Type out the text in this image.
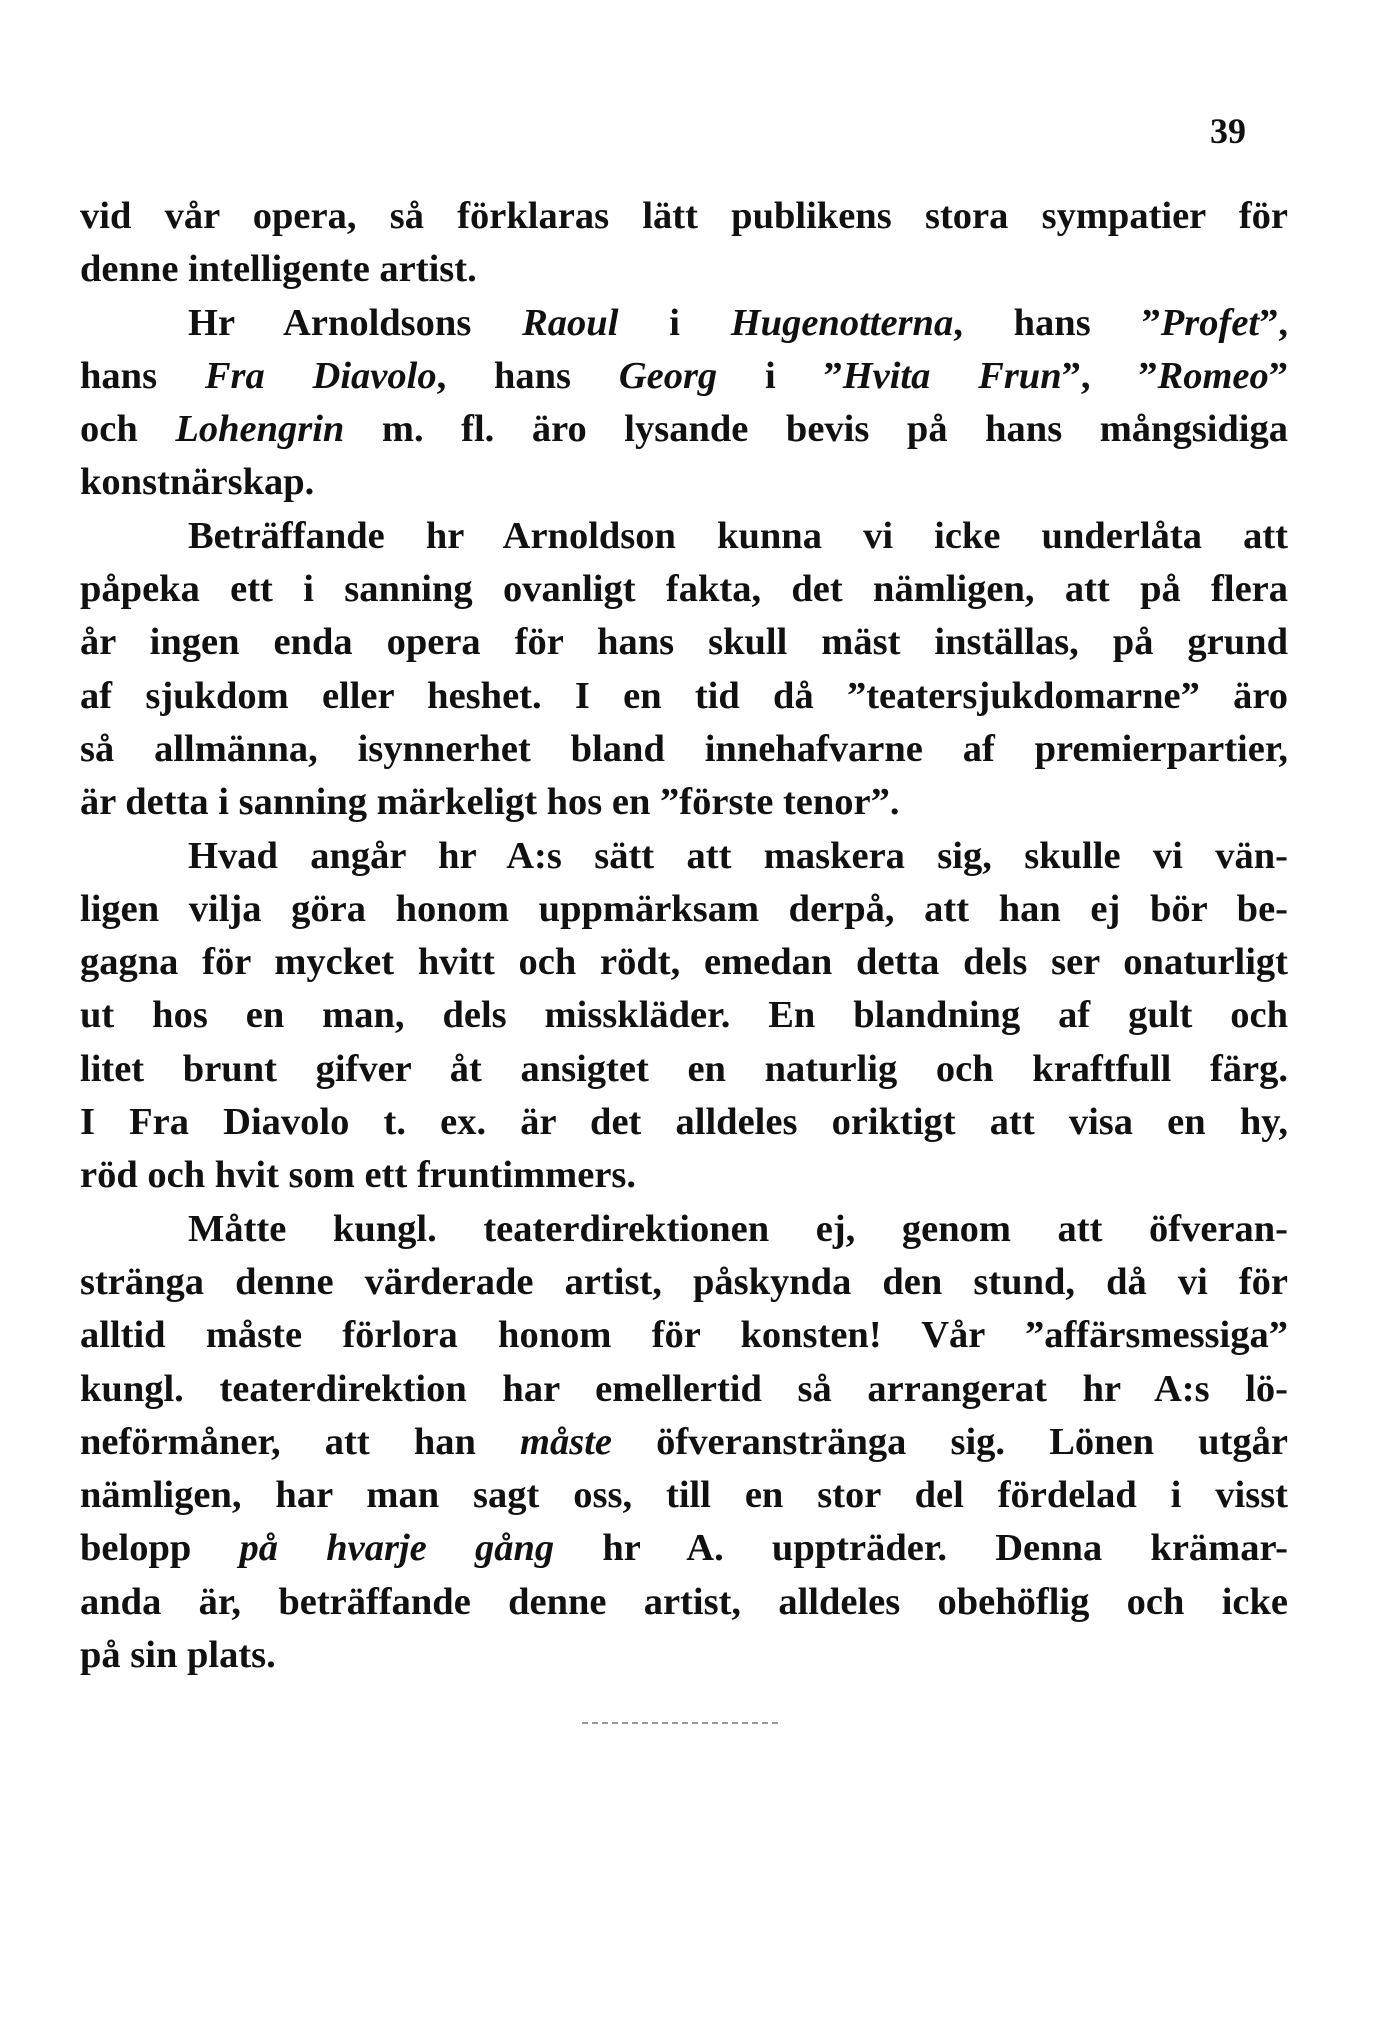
39
vid vår opera, så förklaras lätt publikens stora sympatier för
denne intelligente artist.
Hr Arnoldsons Raoul i Hugenotterna, hans ”Profet”,
hans Fra Diavolo, hans Georg i ”Hvita Frun”, ”Romeo”
och Lohengrin m. fl. äro lysande bevis på hans mångsidiga
konstnärskap.
Beträffande hr Arnoldson kunna vi icke underlåta att
påpeka ett i sanning ovanligt fakta, det nämligen, att på flera
år ingen enda opera för hans skull mäst inställas, på grund
af sjukdom eller heshet. I en tid då ”teatersjukdomarne” äro
så allmänna, isynnerhet bland innehafvarne af premierpartier,
är detta i sanning märkeligt hos en ”förste tenor”.
Hvad angår hr A:s sätt att maskera sig, skulle vi vän-
ligen vilja göra honom uppmärksam derpå, att han ej bör be-
gagna för mycket hvitt och rödt, emedan detta dels ser onaturligt
ut hos en man, dels misskläder. En blandning af gult och
litet brunt gifver åt ansigtet en naturlig och kraftfull färg.
I Fra Diavolo t. ex. är det alldeles oriktigt att visa en hy,
röd och hvit som ett fruntimmers.
Måtte kungl. teaterdirektionen ej, genom att öfveran-
stränga denne värderade artist, påskynda den stund, då vi för
alltid måste förlora honom för konsten! Vår ”affärsmessiga”
kungl. teaterdirektion har emellertid så arrangerat hr A:s lö-
neförmåner, att han måste öfveranstränga sig. Lönen utgår
nämligen, har man sagt oss, till en stor del fördelad i visst
belopp på hvarje gång hr A. uppträder. Denna krämar-
anda är, beträffande denne artist, alldeles obehöflig och icke
på sin plats.
